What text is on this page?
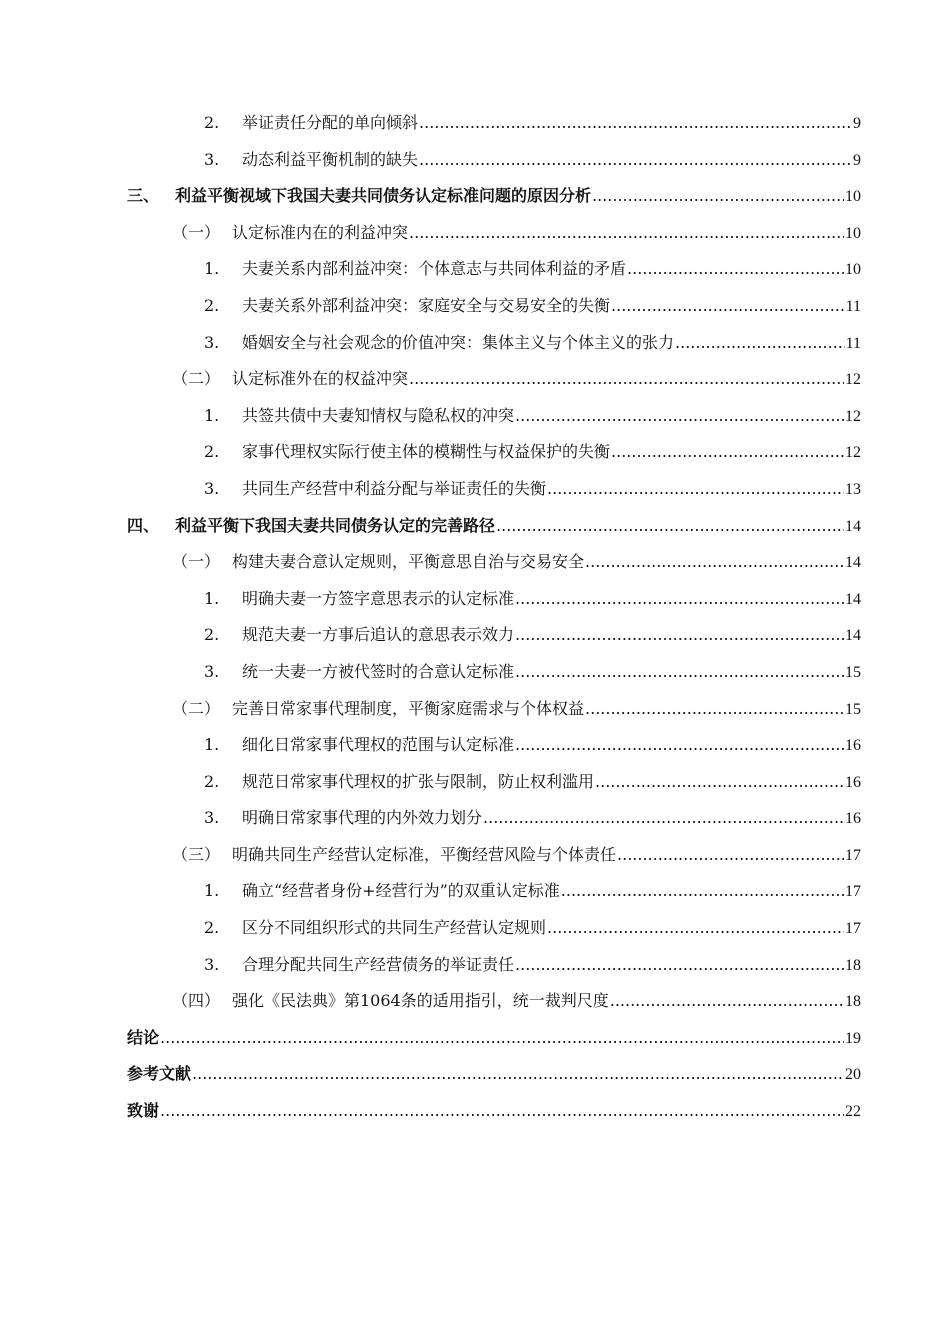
2.	举证责任分配的单向倾斜 .....	9
3.	动态利益平衡机制的缺失 .....	9
三、 利益平衡视域下我国夫妻共同债务认定标准问题的原因分析 .....	10
（一） 认定标准内在的利益冲突 .....	10
1.	夫妻关系内部利益冲突：个体意志与共同体利益的矛盾 .....	10
2.	夫妻关系外部利益冲突：家庭安全与交易安全的失衡 .....	11
3.	婚姻安全与社会观念的价值冲突：集体主义与个体主义的张力 .....	11
（二） 认定标准外在的权益冲突 .....	12
1.	共签共债中夫妻知情权与隐私权的冲突 .....	12
2.	家事代理权实际行使主体的模糊性与权益保护的失衡 .....	12
3.	共同生产经营中利益分配与举证责任的失衡 .....	13
四、 利益平衡下我国夫妻共同债务认定的完善路径 .....	14
（一） 构建夫妻合意认定规则，平衡意思自治与交易安全 .....	14
1.	明确夫妻一方签字意思表示的认定标准 .....	14
2.	规范夫妻一方事后追认的意思表示效力 .....	14
3.	统一夫妻一方被代签时的合意认定标准 .....	15
（二） 完善日常家事代理制度，平衡家庭需求与个体权益 .....	15
1.	细化日常家事代理权的范围与认定标准 .....	16
2.	规范日常家事代理权的扩张与限制，防止权利滥用 .....	16
3.	明确日常家事代理的内外效力划分 .....	16
（三） 明确共同生产经营认定标准，平衡经营风险与个体责任 .....	17
1.	确立“经营者身份+经营行为”的双重认定标准 .....	17
2.	区分不同组织形式的共同生产经营认定规则 .....	17
3.	合理分配共同生产经营债务的举证责任 .....	18
（四） 强化《民法典》第1064条的适用指引，统一裁判尺度 .....	18
结论 .....	19
参考文献 .....	20
致谢 .....	22
